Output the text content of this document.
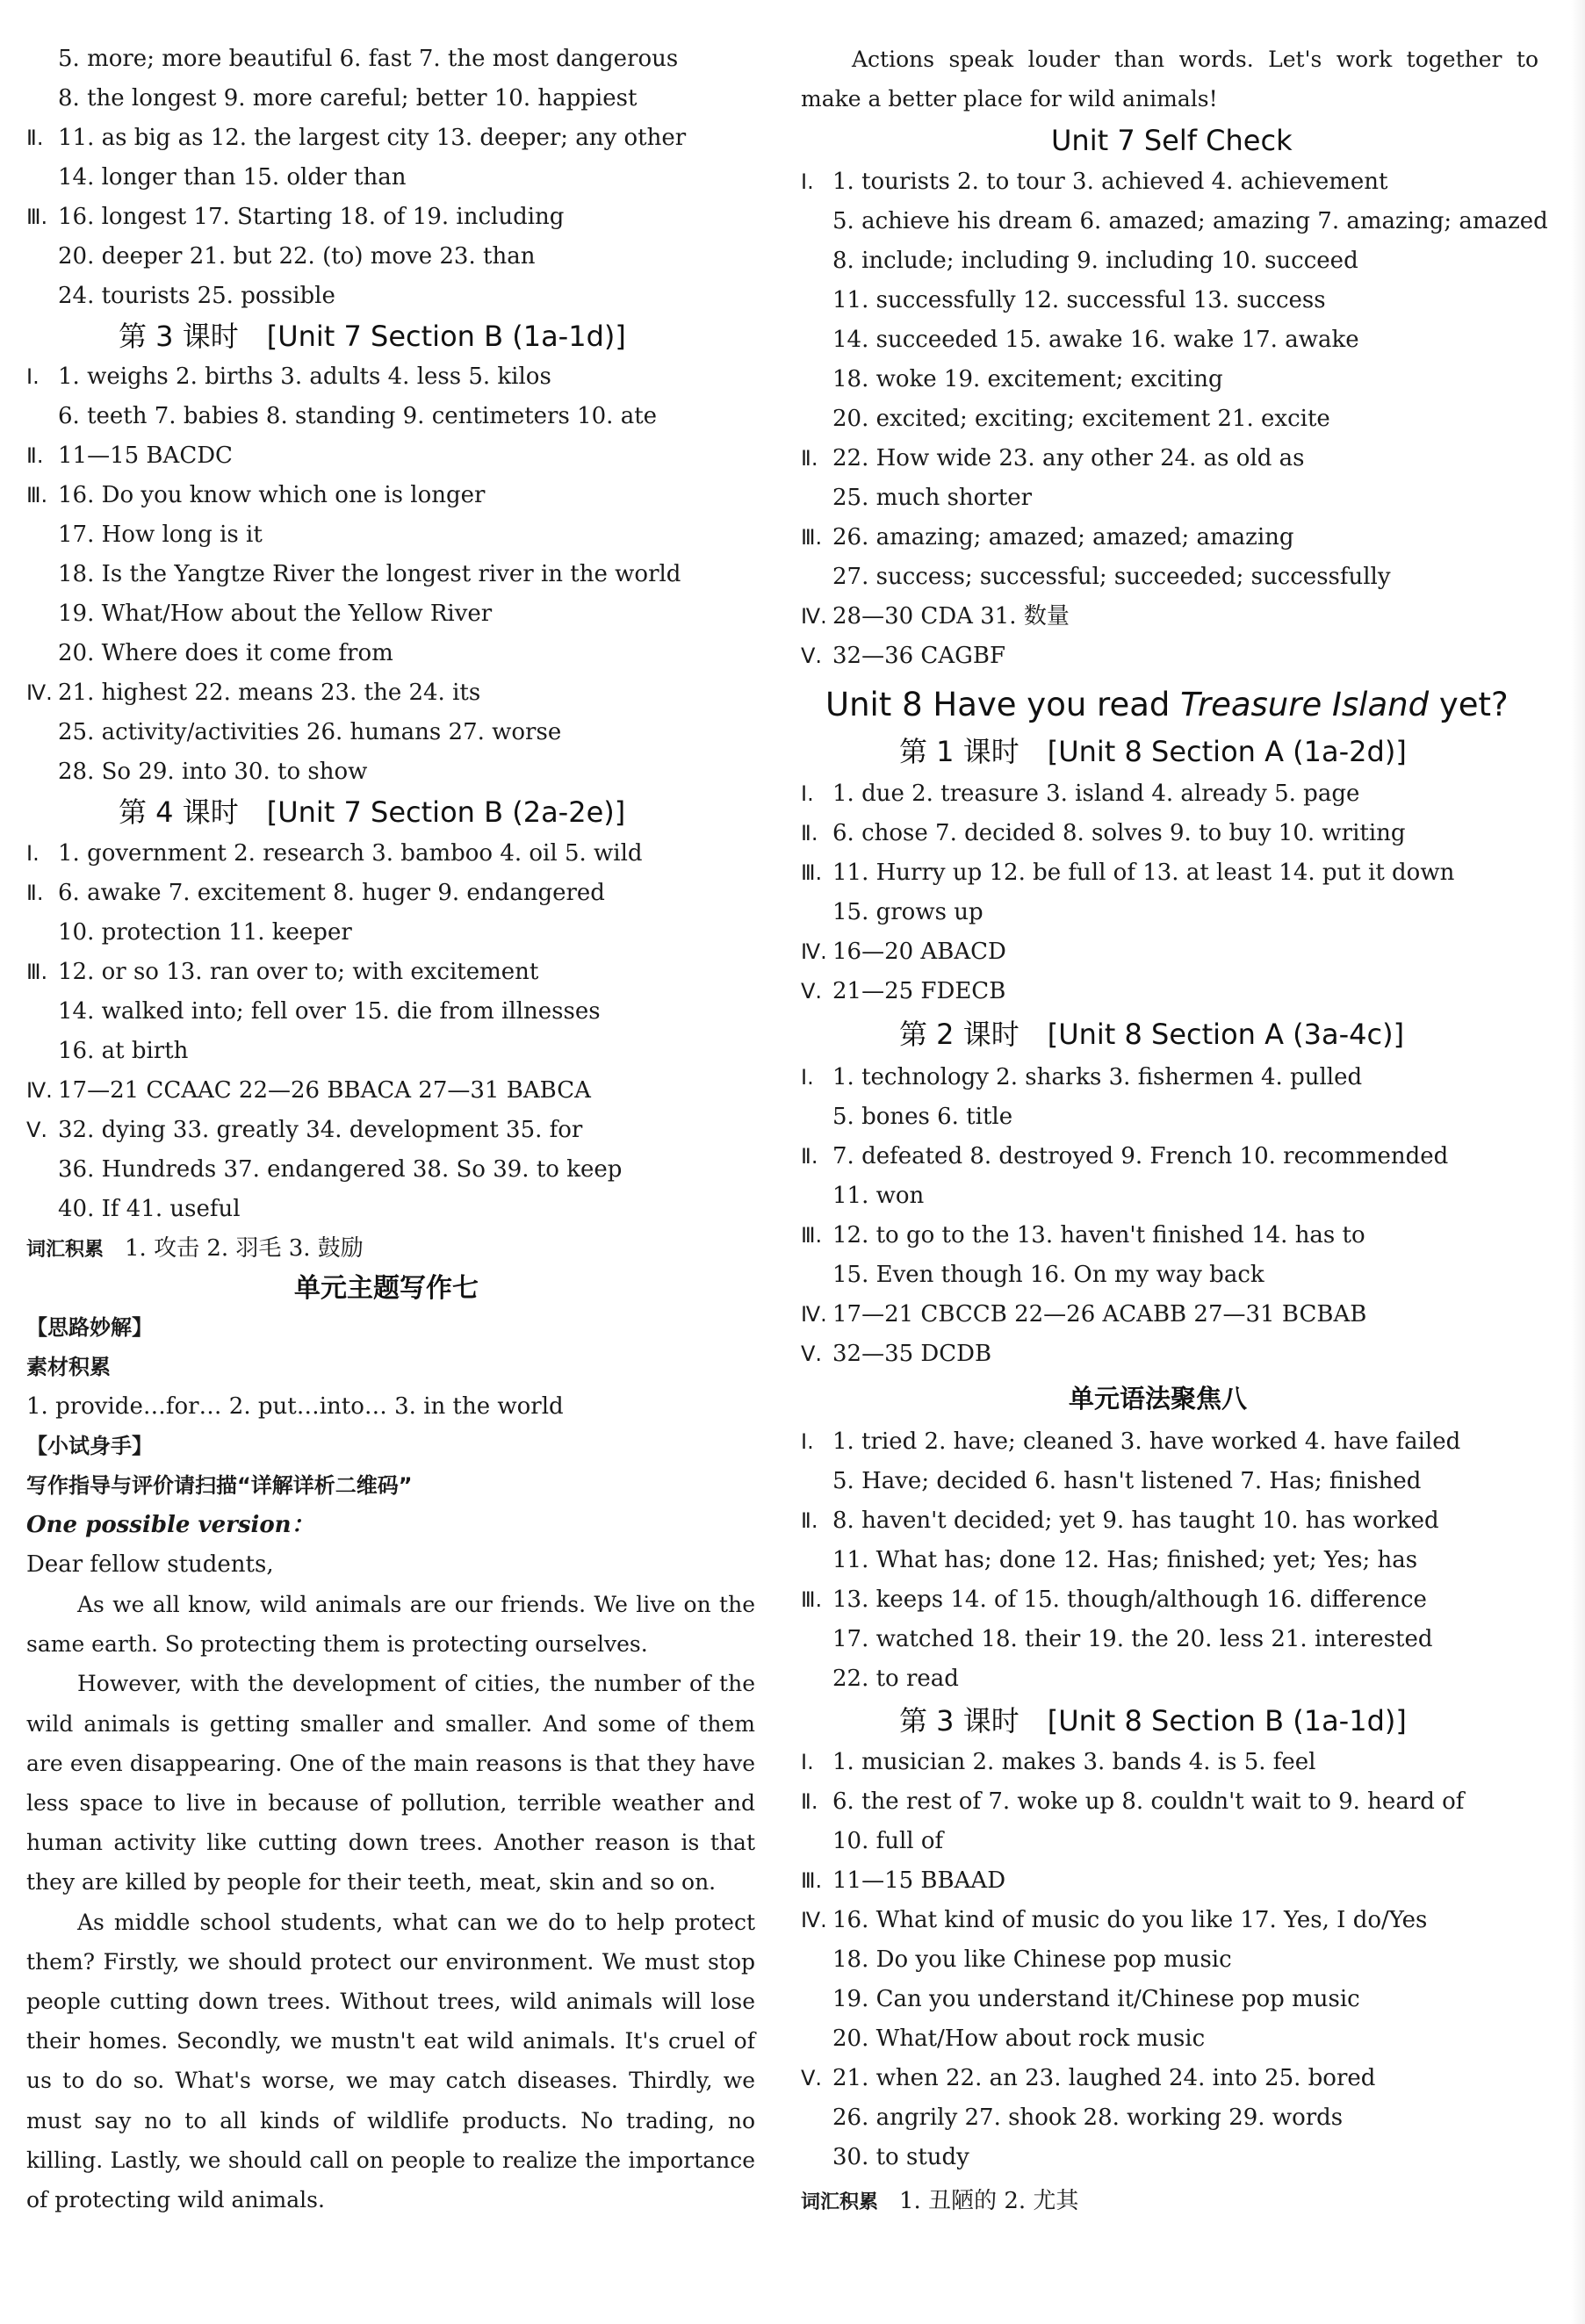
5. more; more beautiful 6. fast 7. the most dangerous
8. the longest 9. more careful; better 10. happiest
Ⅱ. 11. as big as 12. the largest city 13. deeper; any other
14. longer than 15. older than
Ⅲ. 16. longest 17. Starting 18. of 19. including
20. deeper 21. but 22. (to) move 23. than
24. tourists 25. possible
第 3 课时　[Unit 7 Section B (1a-1d)]
Ⅰ. 1. weighs 2. births 3. adults 4. less 5. kilos
6. teeth 7. babies 8. standing 9. centimeters 10. ate
Ⅱ. 11—15 BACDC
Ⅲ. 16. Do you know which one is longer
17. How long is it
18. Is the Yangtze River the longest river in the world
19. What/How about the Yellow River
20. Where does it come from
Ⅳ. 21. highest 22. means 23. the 24. its
25. activity/activities 26. humans 27. worse
28. So 29. into 30. to show
第 4 课时　[Unit 7 Section B (2a-2e)]
Ⅰ. 1. government 2. research 3. bamboo 4. oil 5. wild
Ⅱ. 6. awake 7. excitement 8. huger 9. endangered
10. protection 11. keeper
Ⅲ. 12. or so 13. ran over to; with excitement
14. walked into; fell over 15. die from illnesses
16. at birth
Ⅳ. 17—21 CCAAC 22—26 BBACA 27—31 BABCA
Ⅴ. 32. dying 33. greatly 34. development 35. for
36. Hundreds 37. endangered 38. So 39. to keep
40. If 41. useful
词汇积累 1. 攻击 2. 羽毛 3. 鼓励
单元主题写作七
【思路妙解】
素材积累
1. provide…for… 2. put…into… 3. in the world
【小试身手】
写作指导与评价请扫描“详解详析二维码”
One possible version：
Dear fellow students,

As we all know, wild animals are our friends. We live on the same earth. So protecting them is protecting ourselves.

However, with the development of cities, the number of the wild animals is getting smaller and smaller. And some of them are even disappearing. One of the main reasons is that they have less space to live in because of pollution, terrible weather and human activity like cutting down trees. Another reason is that they are killed by people for their teeth, meat, skin and so on.

As middle school students, what can we do to help protect them? Firstly, we should protect our environment. We must stop people cutting down trees. Without trees, wild animals will lose their homes. Secondly, we mustn't eat wild animals. It's cruel of us to do so. What's worse, we may catch diseases. Thirdly, we must say no to all kinds of wildlife products. No trading, no killing. Lastly, we should call on people to realize the importance of protecting wild animals.

Actions speak louder than words. Let's work together to make a better place for wild animals!

Unit 7 Self Check
Ⅰ. 1. tourists 2. to tour 3. achieved 4. achievement
5. achieve his dream 6. amazed; amazing 7. amazing; amazed
8. include; including 9. including 10. succeed
11. successfully 12. successful 13. success
14. succeeded 15. awake 16. wake 17. awake
18. woke 19. excitement; exciting
20. excited; exciting; excitement 21. excite
Ⅱ. 22. How wide 23. any other 24. as old as
25. much shorter
Ⅲ. 26. amazing; amazed; amazed; amazing
27. success; successful; succeeded; successfully
Ⅳ. 28—30 CDA 31. 数量
Ⅴ. 32—36 CAGBF
Unit 8 Have you read Treasure Island yet?
第 1 课时　[Unit 8 Section A (1a-2d)]
Ⅰ. 1. due 2. treasure 3. island 4. already 5. page
Ⅱ. 6. chose 7. decided 8. solves 9. to buy 10. writing
Ⅲ. 11. Hurry up 12. be full of 13. at least 14. put it down
15. grows up
Ⅳ. 16—20 ABACD
Ⅴ. 21—25 FDECB
第 2 课时　[Unit 8 Section A (3a-4c)]
Ⅰ. 1. technology 2. sharks 3. fishermen 4. pulled
5. bones 6. title
Ⅱ. 7. defeated 8. destroyed 9. French 10. recommended
11. won
Ⅲ. 12. to go to the 13. haven't finished 14. has to
15. Even though 16. On my way back
Ⅳ. 17—21 CBCCB 22—26 ACABB 27—31 BCBAB
Ⅴ. 32—35 DCDB
单元语法聚焦八
Ⅰ. 1. tried 2. have; cleaned 3. have worked 4. have failed
5. Have; decided 6. hasn't listened 7. Has; finished
Ⅱ. 8. haven't decided; yet 9. has taught 10. has worked
11. What has; done 12. Has; finished; yet; Yes; has
Ⅲ. 13. keeps 14. of 15. though/although 16. difference
17. watched 18. their 19. the 20. less 21. interested
22. to read
第 3 课时　[Unit 8 Section B (1a-1d)]
Ⅰ. 1. musician 2. makes 3. bands 4. is 5. feel
Ⅱ. 6. the rest of 7. woke up 8. couldn't wait to 9. heard of
10. full of
Ⅲ. 11—15 BBAAD
Ⅳ. 16. What kind of music do you like 17. Yes, I do/Yes
18. Do you like Chinese pop music
19. Can you understand it/Chinese pop music
20. What/How about rock music
Ⅴ. 21. when 22. an 23. laughed 24. into 25. bored
26. angrily 27. shook 28. working 29. words
30. to study
词汇积累 1. 丑陋的 2. 尤其
